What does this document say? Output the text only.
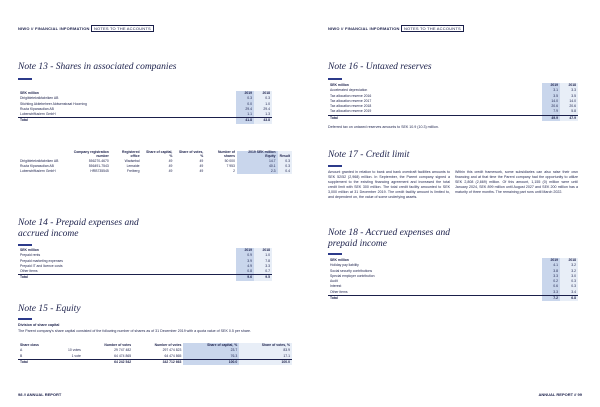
NIWO // FINANCIAL INFORMATION NOTES TO THE ACCOUNTS
Note 13 - Shares in associated companies
SEK million	2019	2018
Dirigibleteknikfabriken AB	0.3	0.3
Stichting Aktiebeheer Aldwenstraat Hoorning	0.0	1.0
Ruuta Kiparasolian AB	29.4	29.4
Lubenstriflusiern GmbH	1.1	1.3
Total	41.8	43.8
	Company registration number	Registered office	Share of capital, %	Share of votes, %	Number of shares	2019 SEK million Equity	Result
Dirigibleteknikfabriken AB	556270-4670	Wadsebal	49	49	50 000	14.7	0.3
Ruuta Kiparasolian AB	556491-7543	Lemaide	49	49	7 953	40.1	0.3
Lubenstriflusiern GmbH	HRB735545	Freiberg	49	49	2	2.3	0.4
Note 14 - Prepaid expenses and
accrued income
SEK million	2019	2018
Prepaid rents	0.9	1.0
Prepaid marketing expenses	3.9	7.8
Prepaid IT and licence costs	4.9	3.3
Other items	0.8	0.7
Total	9.6	9.5
Note 15 - Equity
Division of share capital
The Parent company's share capital consisted of the following number of shares as of 31 December 2019 with a quota value of SEK 0.5 per share.
Share class		Number of votes	Number of votes	Share of capital, %	Share of votes, %
A	10 votes	29 747 482	297 474 823	23.7	83.9
B	1 vote	64 474 865	64 474 865	76.3	17.1
Total		64 242 542	342 712 663	100.0	100.0
98 // ANNUAL REPORT
NIWO // FINANCIAL INFORMATION NOTES TO THE ACCOUNTS
Note 16 - Untaxed reserves
SEK million	2019	2018
Accelerated depreciation	3.1	3.3
Tax allocation reserve 2016	3.5	3.5
Tax allocation reserve 2017	14.0	14.0
Tax allocation reserve 2018	20.6	20.6
Tax allocation reserve 2019	7.9	5.8
Total	49.9	47.9
Deferred tax on untaxed reserves amounts to SEK 10.9 (10.3) million.
Note 17 - Credit limit
Amount granted in relation to bank and bank overdraft facilities amounts to SEK 52/52 (2,968) million. In September, the Parent company signed a supplement to the existing financing agreement and increased the total credit limit with SEK 300 million. The total credit facility amounted to SEK 3,000 million at 31 December 2019. The credit facility amount is limited to, and dependent on, the value of some underlying assets.
Within this credit framework, some subsidiaries can also raise their own financing and at that time the Parent company had the opportunity to utilize SEK 2,808 (2,669) million. Of this amount, 1,155 (0) million were until January 2024, SEK 899 million until August 2027 and SEK 200 million has a maturity of three months. The remaining part runs until March 2022.
Note 18 - Accrued expenses and
prepaid income
SEK million	2019	2018
Holiday pay liability	4.1	3.2
Social security contributions	3.8	3.2
Special employer contribution	3.3	3.0
Audit	0.2	0.3
Interest	0.6	0.3
Other items	3.3	3.4
Total	7.2	6.8
ANNUAL REPORT // 99
